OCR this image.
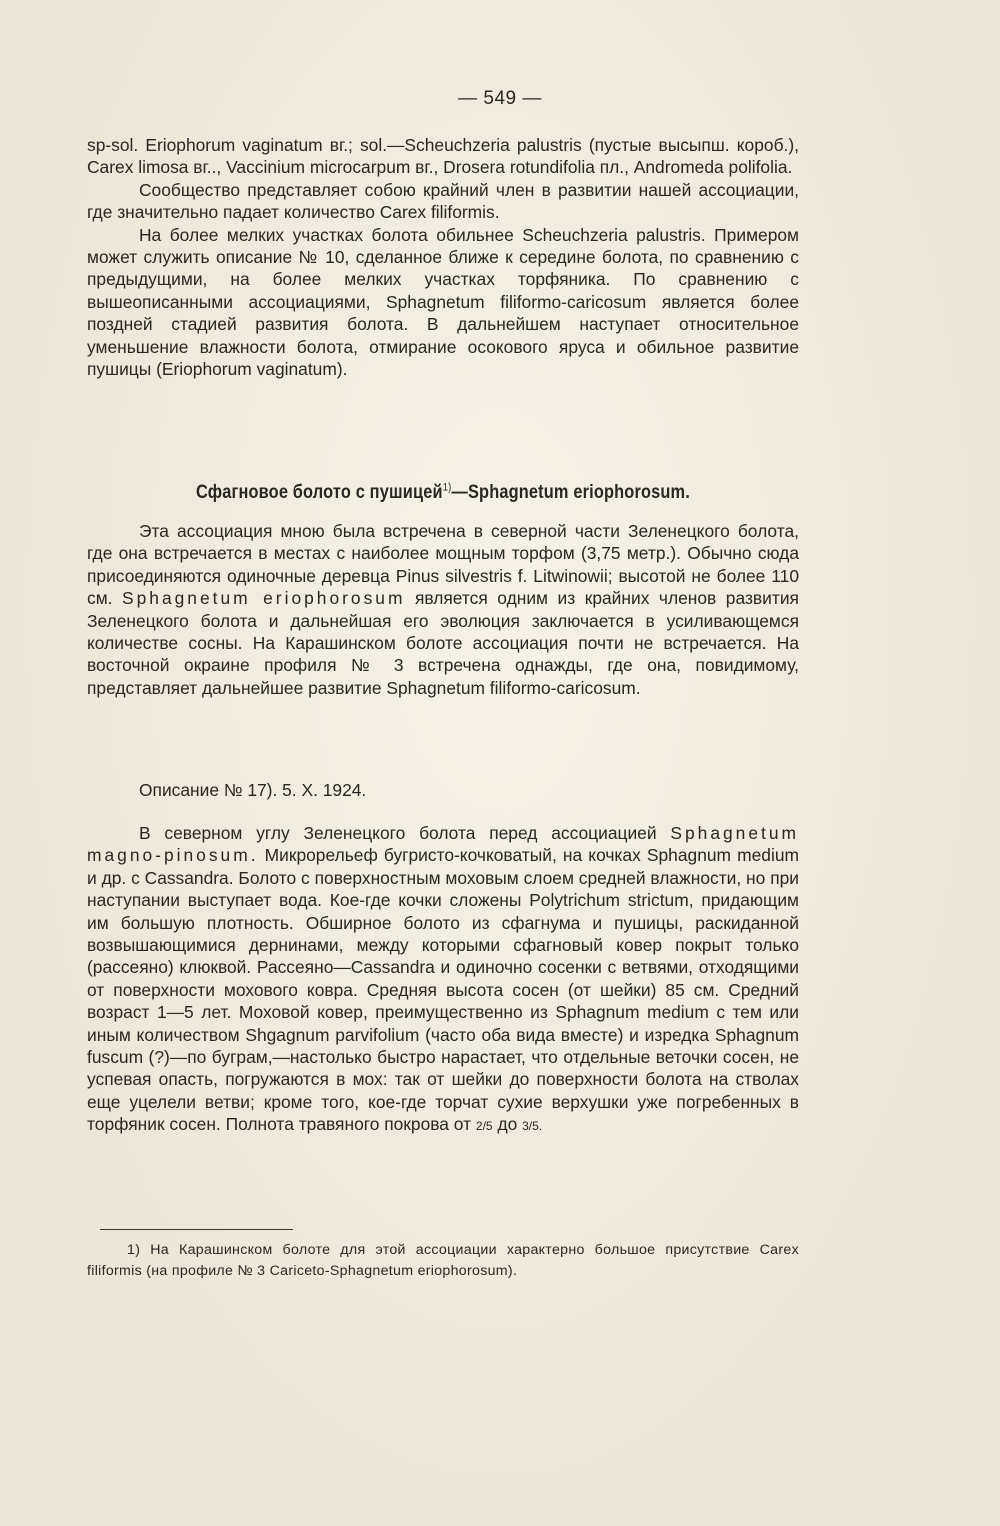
— 549 —

sp-sol. Eriophorum vaginatum вг.; sol.—Scheuchzeria palustris (пустые высыпш. короб.), Carex limosa вг.., Vaccinium microcarpum вг., Drosera rotundifolia пл., Andromeda polifolia.

Сообщество представляет собою крайний член в развитии нашей ассоциации, где значительно падает количество Carex filiformis.

На более мелких участках болота обильнее Scheuchzeria palustris. Примером может служить описание № 10, сделанное ближе к середине болота, по сравнению с предыдущими, на более мелких участках торфяника. По сравнению с вышеописанными ассоциациями, Sphagnetum filiformo-caricosum является более поздней стадией развития болота. В дальнейшем наступает относительное уменьшение влажности болота, отмирание осокового яруса и обильное развитие пушицы (Eriophorum vaginatum).

Сфагновое болото с пушицей$^{1)}$—Sphagnetum eriophorosum.

Эта ассоциация мною была встречена в северной части Зеленецкого болота, где она встречается в местах с наиболее мощным торфом (3,75 метр.). Обычно сюда присоединяются одиночные деревца Pinus silvestris f. Litwinowii; высотой не более 110 см. Sphagnetum eriophorosum является одним из крайних членов развития Зеленецкого болота и дальнейшая его эволюция заключается в усиливающемся количестве сосны. На Карашинском болоте ассоциация почти не встречается. На восточной окраине профиля № 3 встречена однажды, где она, повидимому, представляет дальнейшее развитие Sphagnetum filiformo-caricosum.

Описание № 17). 5. X. 1924.

В северном углу Зеленецкого болота перед ассоциацией Sphagnetum magno-pinosum. Микрорельеф бугристо-кочковатый, на кочках Sphagnum medium и др. с Cassandra. Болото с поверхностным моховым слоем средней влажности, но при наступании выступает вода. Кое-где кочки сложены Polytrichum strictum, придающим им большую плотность. Обширное болото из сфагнума и пушицы, раскиданной возвышающимися дернинами, между которыми сфагновый ковер покрыт только (рассеяно) клюквой. Рассеяно—Cassandra и одиночно сосенки с ветвями, отходящими от поверхности мохового ковра. Средняя высота сосен (от шейки) 85 см. Средний возраст 1—5 лет. Моховой ковер, преимущественно из Sphagnum medium с тем или иным количеством Shgagnum parvifolium (часто оба вида вместе) и изредка Sphagnum fuscum (?)—по буграм,—настолько быстро нарастает, что отдельные веточки сосен, не успевая опасть, погружаются в мох: так от шейки до поверхности болота на стволах еще уцелели ветви; кроме того, кое-где торчат сухие верхушки уже погребенных в торфяник сосен. Полнота травяного покрова от 2/5 до 3/5.

1) На Карашинском болоте для этой ассоциации характерно большое присутствие Carex filiformis (на профиле № 3 Cariceto-Sphagnetum eriophorosum).
